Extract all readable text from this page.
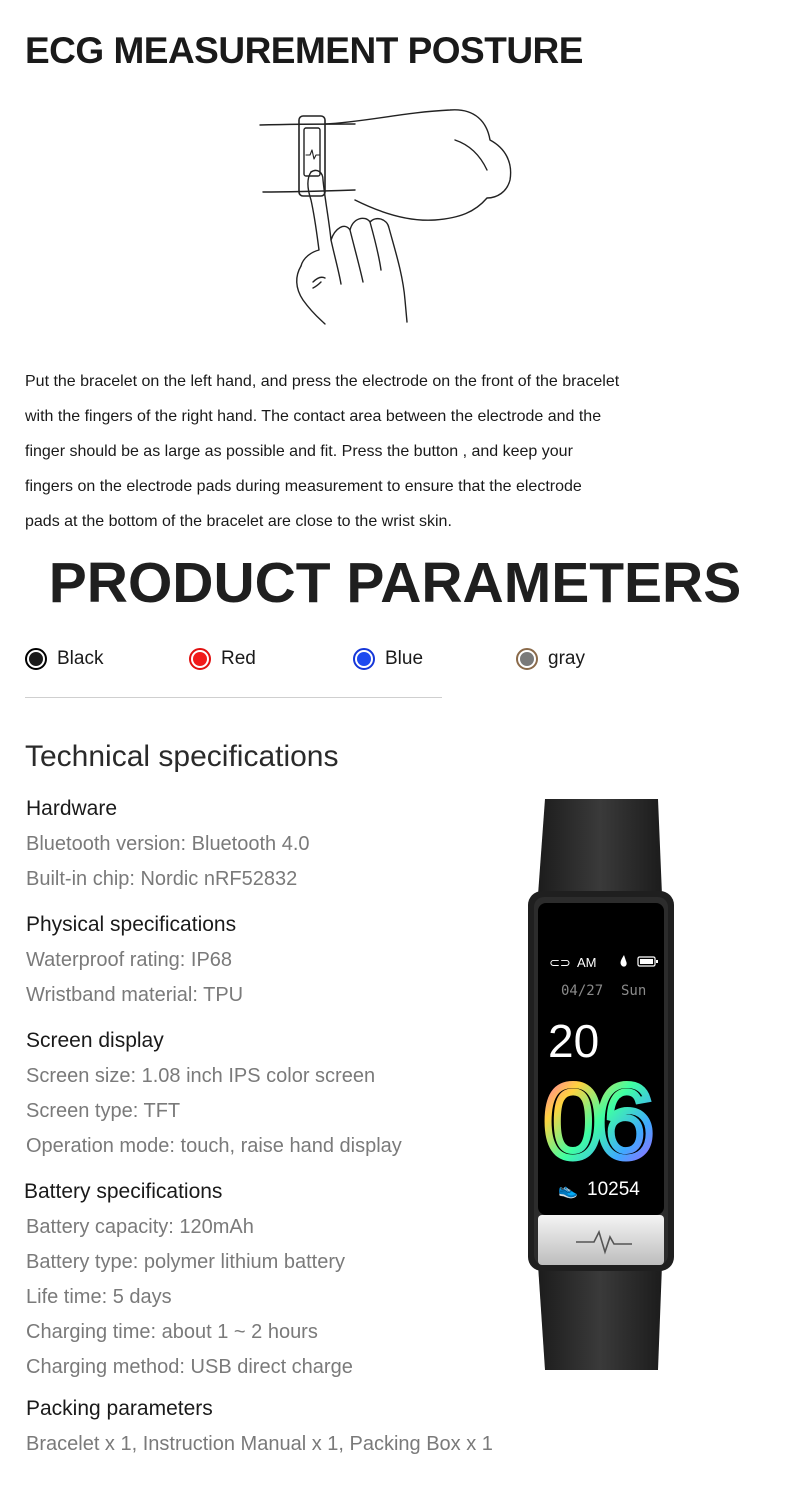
ECG MEASUREMENT POSTURE
Put the bracelet on the left hand, and press the electrode on the front of the bracelet
with the fingers of the right hand. The contact area between the electrode and the
finger should be as large as possible and fit. Press the button , and keep your
fingers on the electrode pads during measurement to ensure that the electrode
pads at the bottom of the bracelet are close to the wrist skin.
PRODUCT PARAMETERS
Black	Red	Blue	gray
Technical specifications
Hardware
Bluetooth version: Bluetooth 4.0
Built-in chip: Nordic nRF52832
Physical specifications
Waterproof rating: IP68
Wristband material: TPU
Screen display
Screen size: 1.08 inch IPS color screen
Screen type: TFT
Operation mode: touch, raise hand display
Battery specifications
Battery capacity: 120mAh
Battery type: polymer lithium battery
Life time: 5 days
Charging time: about 1 ~ 2 hours
Charging method: USB direct charge
Packing parameters
Bracelet x 1, Instruction Manual x 1, Packing Box x 1
⊂⊃ AM
04/27 Sun
20
06
👟 10254
